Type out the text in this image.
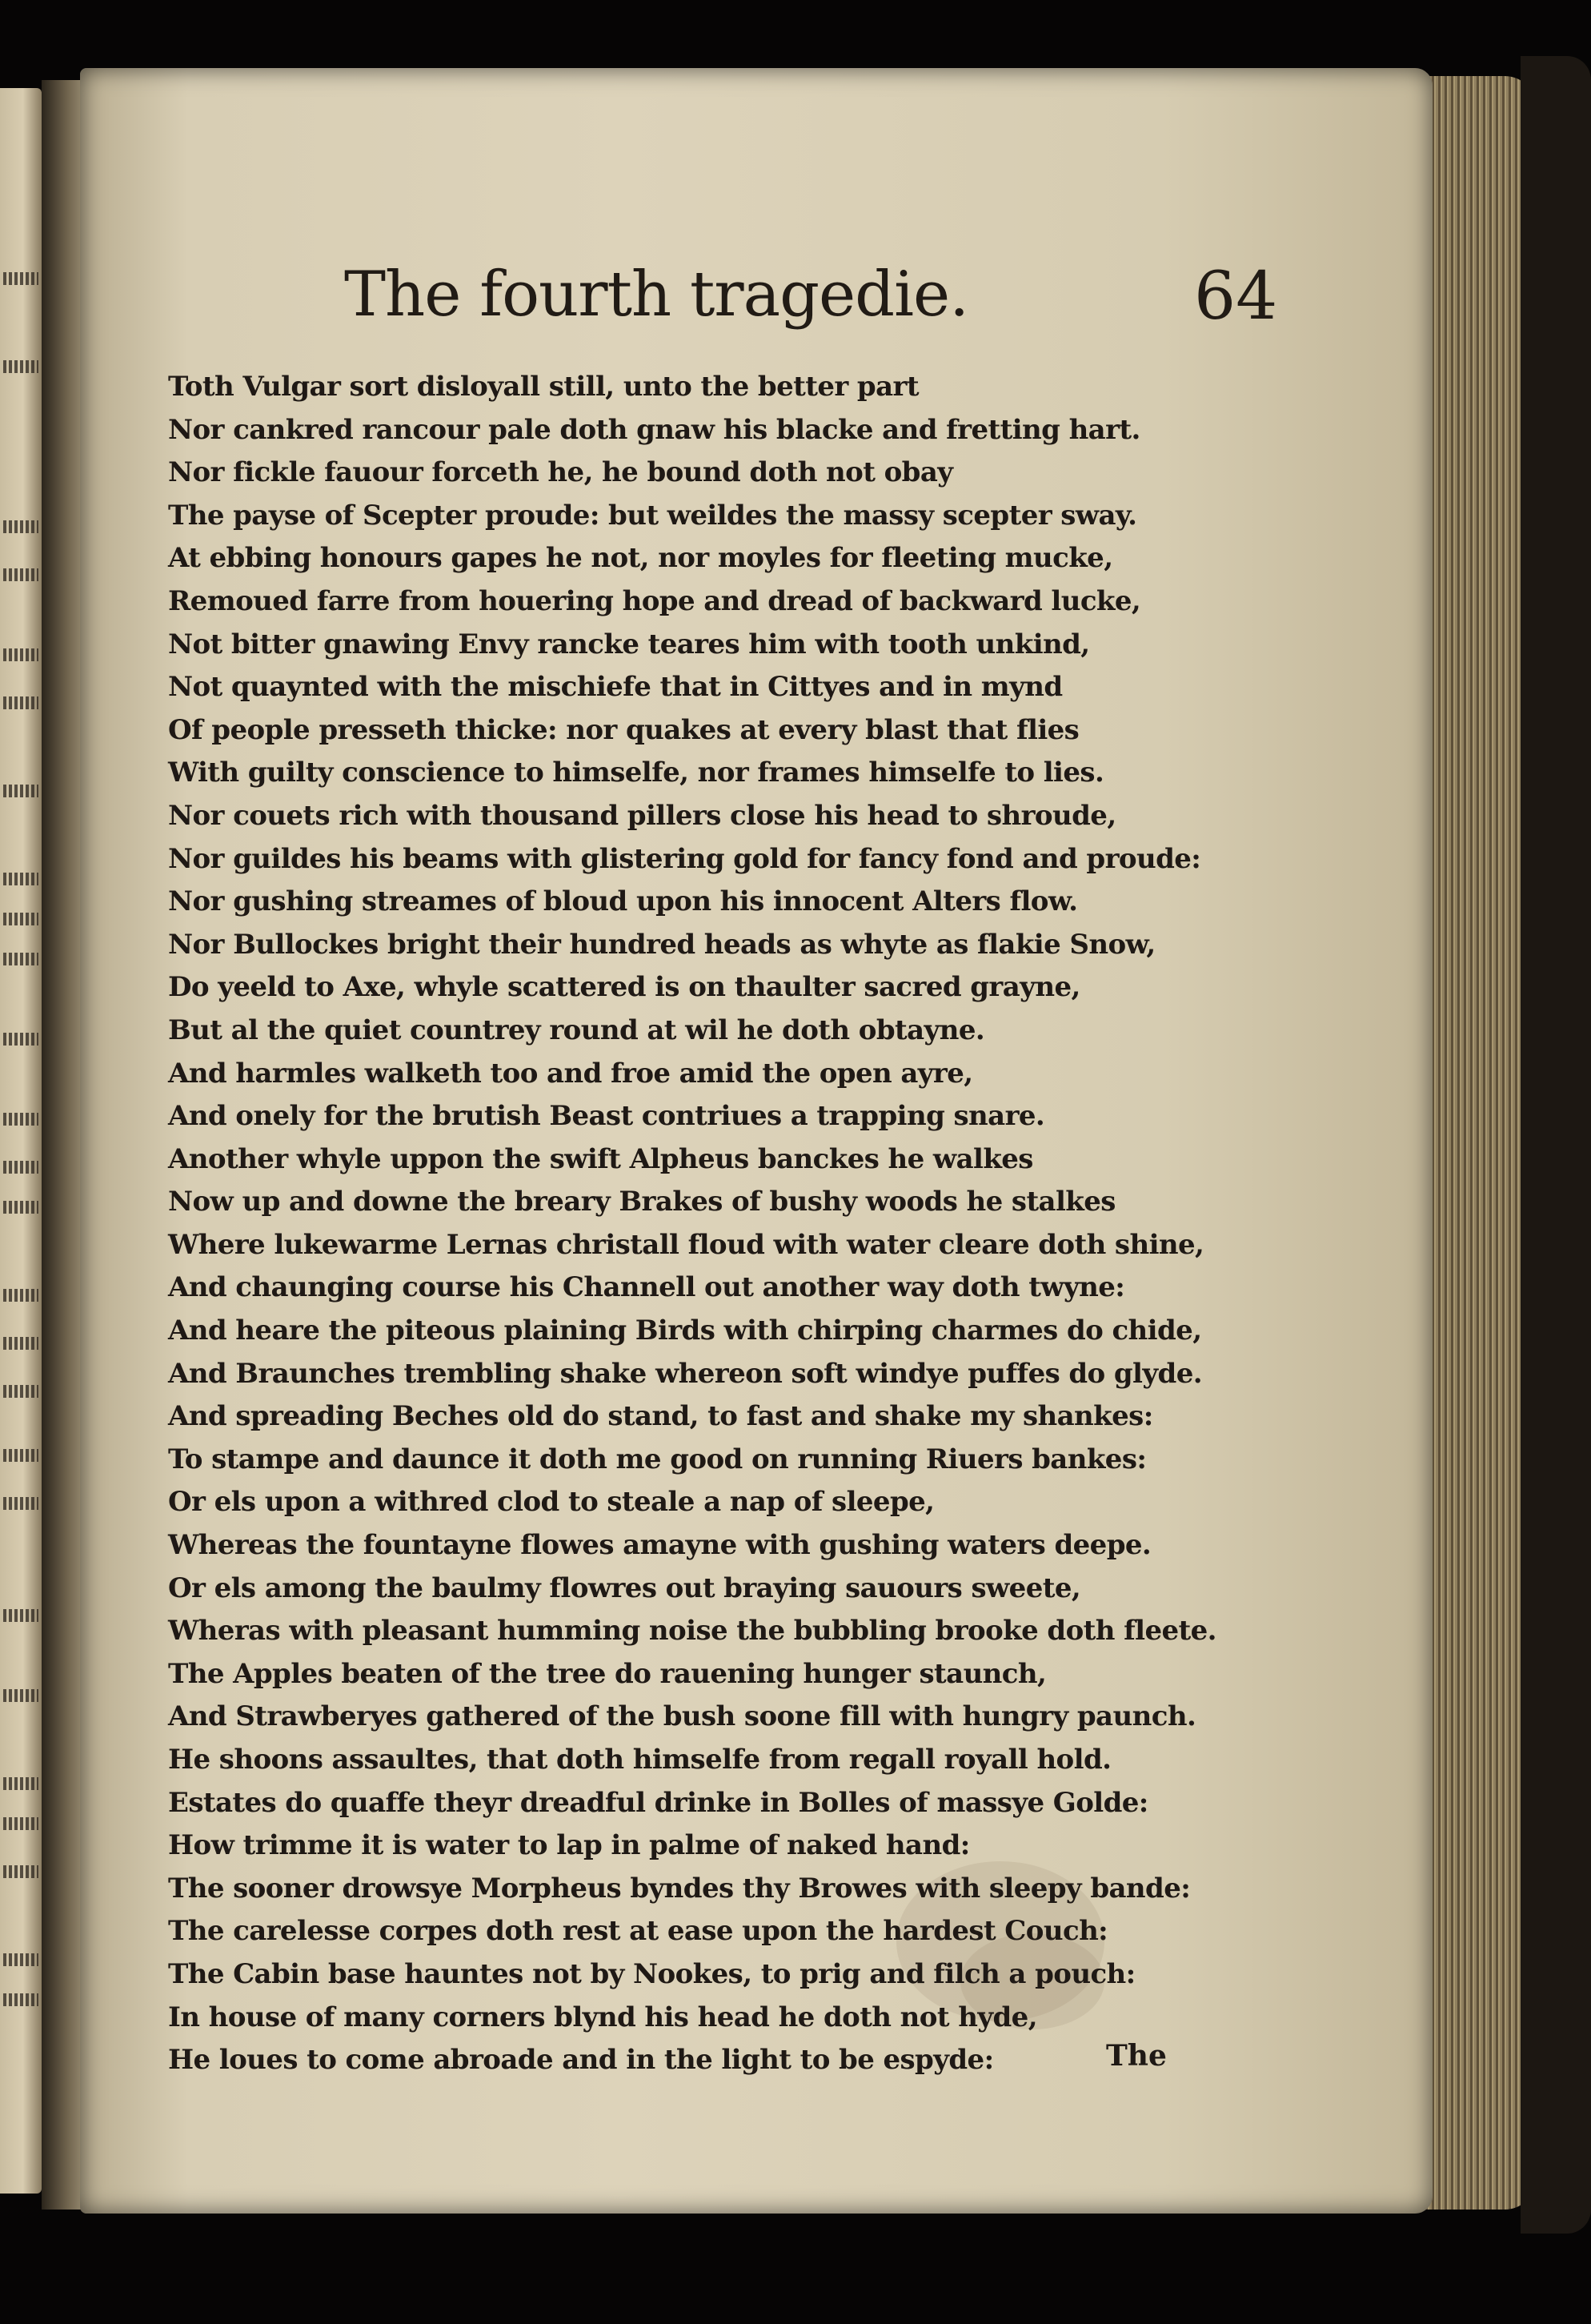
The fourth tragedie.	64
Toth Vulgar sort disloyall still, unto the better part
Nor cankred rancour pale doth gnaw his blacke and fretting hart.
Nor fickle fauour forceth he, he bound doth not obay
The payse of Scepter proude: but weildes the massy scepter sway.
At ebbing honours gapes he not, nor moyles for fleeting mucke,
Remoued farre from houering hope and dread of backward lucke,
Not bitter gnawing Envy rancke teares him with tooth unkind,
Not quaynted with the mischiefe that in Cittyes and in mynd
Of people presseth thicke: nor quakes at every blast that flies
With guilty conscience to himselfe, nor frames himselfe to lies.
Nor couets rich with thousand pillers close his head to shroude,
Nor guildes his beams with glistering gold for fancy fond and proude:
Nor gushing streames of bloud upon his innocent Alters flow.
Nor Bullockes bright their hundred heads as whyte as flakie Snow,
Do yeeld to Axe, whyle scattered is on thaulter sacred grayne,
But al the quiet countrey round at wil he doth obtayne.
And harmles walketh too and froe amid the open ayre,
And onely for the brutish Beast contriues a trapping snare.
Another whyle uppon the swift Alpheus banckes he walkes
Now up and downe the breary Brakes of bushy woods he stalkes
Where lukewarme Lernas christall floud with water cleare doth shine,
And chaunging course his Channell out another way doth twyne:
And heare the piteous plaining Birds with chirping charmes do chide,
And Braunches trembling shake whereon soft windye puffes do glyde.
And spreading Beches old do stand, to fast and shake my shankes:
To stampe and daunce it doth me good on running Riuers bankes:
Or els upon a withred clod to steale a nap of sleepe,
Whereas the fountayne flowes amayne with gushing waters deepe.
Or els among the baulmy flowres out braying sauours sweete,
Wheras with pleasant humming noise the bubbling brooke doth fleete.
The Apples beaten of the tree do rauening hunger staunch,
And Strawberyes gathered of the bush soone fill with hungry paunch.
He shoons assaultes, that doth himselfe from regall royall hold.
Estates do quaffe theyr dreadful drinke in Bolles of massye Golde:
How trimme it is water to lap in palme of naked hand:
The sooner drowsye Morpheus byndes thy Browes with sleepy bande:
The carelesse corpes doth rest at ease upon the hardest Couch:
The Cabin base hauntes not by Nookes, to prig and filch a pouch:
In house of many corners blynd his head he doth not hyde,
He loues to come abroade and in the light to be espyde:	The
